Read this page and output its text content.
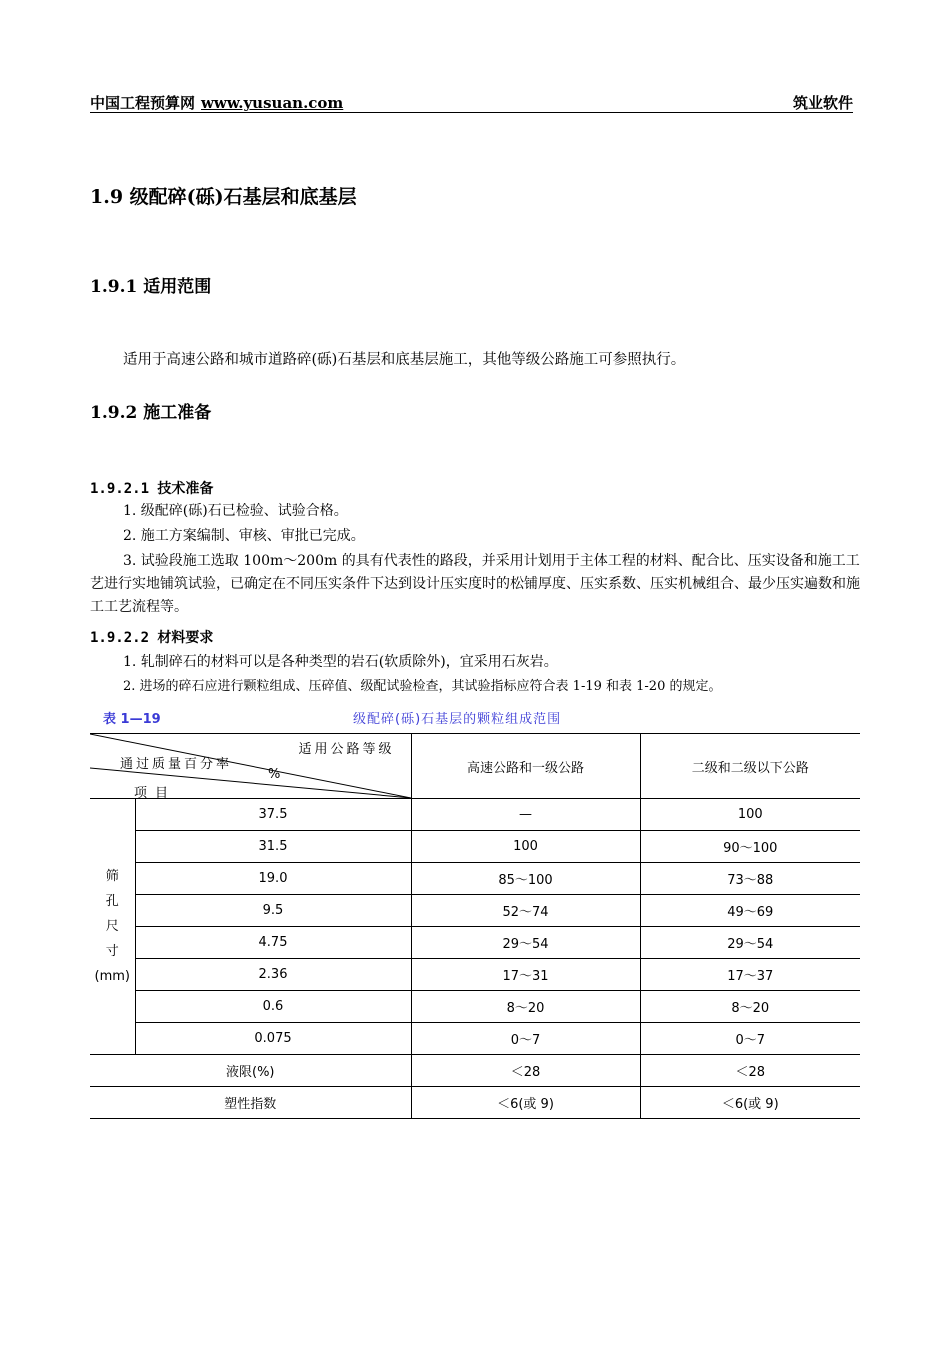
中国工程预算网 www.yusuan.com	筑业软件
1.9 级配碎(砾)石基层和底基层
1.9.1 适用范围

适用于高速公路和城市道路碎(砾)石基层和底基层施工，其他等级公路施工可参照执行。

1.9.2 施工准备

1.9.2.1 技术准备

1. 级配碎(砾)石已检验、试验合格。

2. 施工方案编制、审核、审批已完成。

3. 试验段施工选取 100m～200m 的具有代表性的路段，并采用计划用于主体工程的材料、配合比、压实设备和施工工艺进行实地铺筑试验，已确定在不同压实条件下达到设计压实度时的松铺厚度、压实系数、压实机械组合、最少压实遍数和施工工艺流程等。

1.9.2.2 材料要求

1. 轧制碎石的材料可以是各种类型的岩石(软质除外)，宜采用石灰岩。

2. 进场的碎石应进行颗粒组成、压碎值、级配试验检查，其试验指标应符合表 1-19 和表 1-20 的规定。

表 1—19	级配碎(砾)石基层的颗粒组成范围
适用公路等级
通过质量百分率
%
项目		高速公路和一级公路	二级和二级以下公路
筛
孔
尺
寸
(mm)	37.5	—	100
	31.5	100	90～100
	19.0	85～100	73～88
	9.5	52～74	49～69
	4.75	29～54	29～54
	2.36	17～31	17～37
	0.6	8～20	8～20
	0.075	0～7	0～7
液限(%)		＜28	＜28
塑性指数		＜6(或 9)	＜6(或 9)
